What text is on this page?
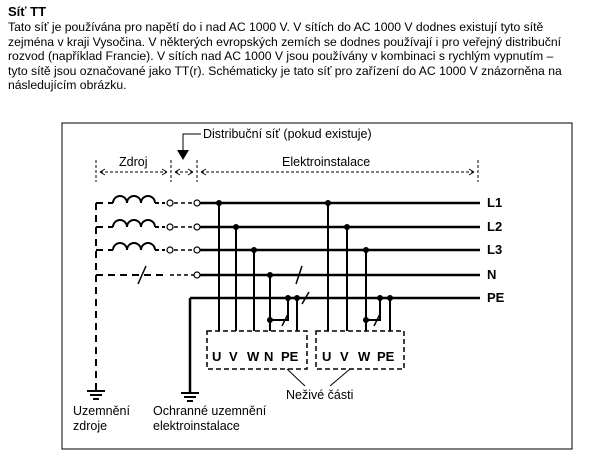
Síť TT

Tato síť je používána pro napětí do i nad AC 1000 V. V sítích do AC 1000 V dodnes existují tyto sítě
zejména v kraji Vysočina. V některých evropských zemích se dodnes používají i pro veřejný distribuční
rozvod (například Francie). V sítích nad AC 1000 V jsou používány v kombinaci s rychlým vypnutím –
tyto sítě jsou označované jako TT(r). Schématicky je tato síť pro zařízení do AC 1000 V znázorněna na
následujícím obrázku.

Distribuční síť (pokud existuje)
Zdroj	Elektroinstalace
L1
L2
L3
N
PE
U V W N PE U V W PE
Neživé části
Uzemnění
zdroje
Ochranné uzemnění
elektroinstalace
